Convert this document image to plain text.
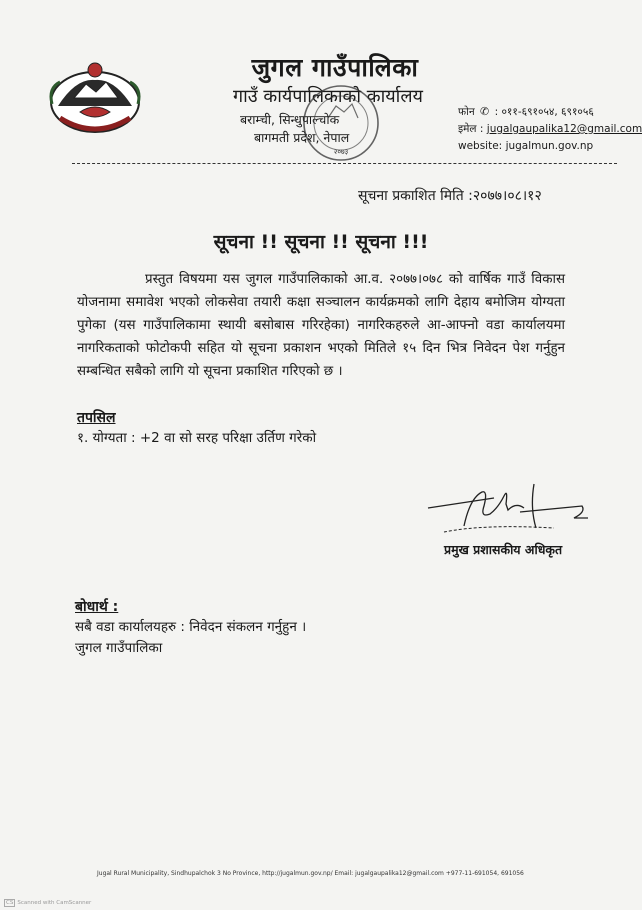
जुगल गाउँपालिका
गाउँ कार्यपालिकाको कार्यालय
बराम्ची, सिन्धुपाल्चोक
बागमती प्रदेश, नेपाल
२०७३
फोन ✆ : ०११-६९१०५४, ६९१०५६
इमेल : jugalgaupalika12@gmail.com
website: jugalmun.gov.np
सूचना प्रकाशित मिति :२०७७।०८।१२
सूचना !! सूचना !! सूचना !!!
प्रस्तुत विषयमा यस जुगल गाउँपालिकाको आ.व. २०७७।०७८ को वार्षिक गाउँ विकास योजनामा समावेश भएको लोकसेवा तयारी कक्षा सञ्चालन कार्यक्रमको लागि देहाय बमोजिम योग्यता पुगेका (यस गाउँपालिकामा स्थायी बसोबास गरिरहेका) नागरिकहरुले आ-आफ्नो वडा कार्यालयमा नागरिकताको फोटोकपी सहित यो सूचना प्रकाशन भएको मितिले १५ दिन भित्र निवेदन पेश गर्नुहुन सम्बन्धित सबैको लागि यो सूचना प्रकाशित गरिएको छ ।
तपसिल
१. योग्यता : +2 वा सो सरह परिक्षा उर्तिण गरेको
प्रमुख प्रशासकीय अधिकृत
बोधार्थ :
सबै वडा कार्यालयहरु : निवेदन संकलन गर्नुहुन ।
जुगल गाउँपालिका
Jugal Rural Municipality, Sindhupalchok 3 No Province, http://jugalmun.gov.np/ Email: jugalgaupalika12@gmail.com +977-11-691054, 691056
CS Scanned with CamScanner
